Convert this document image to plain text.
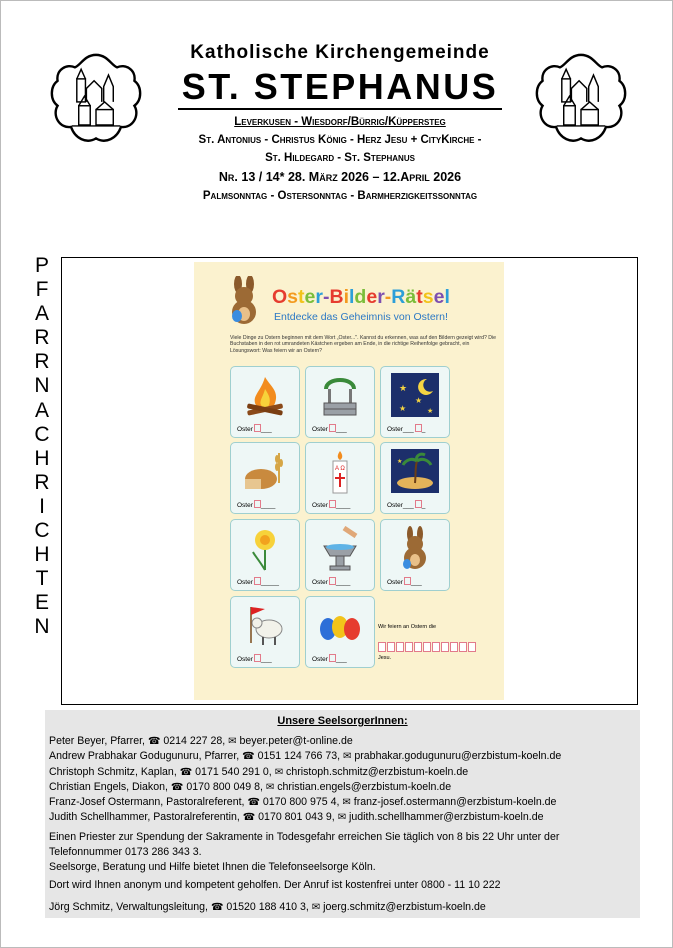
Katholische Kirchengemeinde
ST. STEPHANUS
Leverkusen - Wiesdorf/Bürrig/Küppersteg
St. Antonius - Christus König - Herz Jesu + CityKirche -
St. Hildegard - St. Stephanus
Nr. 13 / 14* 28. März 2026 – 12.April 2026
Palmsonntag - Ostersonntag - Barmherzigkeitssonntag
P
F
A
R
R
N
A
C
H
R
I
C
H
T
E
N
Oster-Bilder-Rätsel
Entdecke das Geheimnis von Ostern!
Viele Dinge zu Ostern beginnen mit dem Wort „Oster...". Kannst du erkennen, was auf den Bildern gezeigt wird? Die Buchstaben in den rot umrandeten Kästchen ergeben am Ende, in die richtige Reihenfolge gebracht, ein Lösungswort: Was feiern wir an Ostern?
Oster ___	Oster ___
★
★
★	★
Oster___ _
Oster ____
A Ω
Oster ____
★
Oster___ _
Oster _____	Oster ____	Oster ___
Oster ___	Oster ___
Wir feiern an Ostern die
Jesu.
Unsere SeelsorgerInnen:
Peter Beyer, Pfarrer, ☎ 0214 227 28, ✉ beyer.peter@t-online.de
Andrew Prabhakar Godugunuru, Pfarrer, ☎ 0151 124 766 73, ✉ prabhakar.godugunuru@erzbistum-koeln.de
Christoph Schmitz, Kaplan, ☎ 0171 540 291 0, ✉ christoph.schmitz@erzbistum-koeln.de
Christian Engels, Diakon, ☎ 0170 800 049 8, ✉ christian.engels@erzbistum-koeln.de
Franz-Josef Ostermann, Pastoralreferent, ☎ 0170 800 975 4, ✉ franz-josef.ostermann@erzbistum-koeln.de
Judith Schellhammer, Pastoralreferentin, ☎ 0170 801 043 9, ✉ judith.schellhammer@erzbistum-koeln.de
Einen Priester zur Spendung der Sakramente in Todesgefahr erreichen Sie täglich von 8 bis 22 Uhr unter der
Telefonnummer 0173 286 343 3.
Seelsorge, Beratung und Hilfe bietet Ihnen die Telefonseelsorge Köln.
Dort wird Ihnen anonym und kompetent geholfen. Der Anruf ist kostenfrei unter 0800 - 11 10 222
Jörg Schmitz, Verwaltungsleitung, ☎ 01520 188 410 3, ✉ joerg.schmitz@erzbistum-koeln.de
